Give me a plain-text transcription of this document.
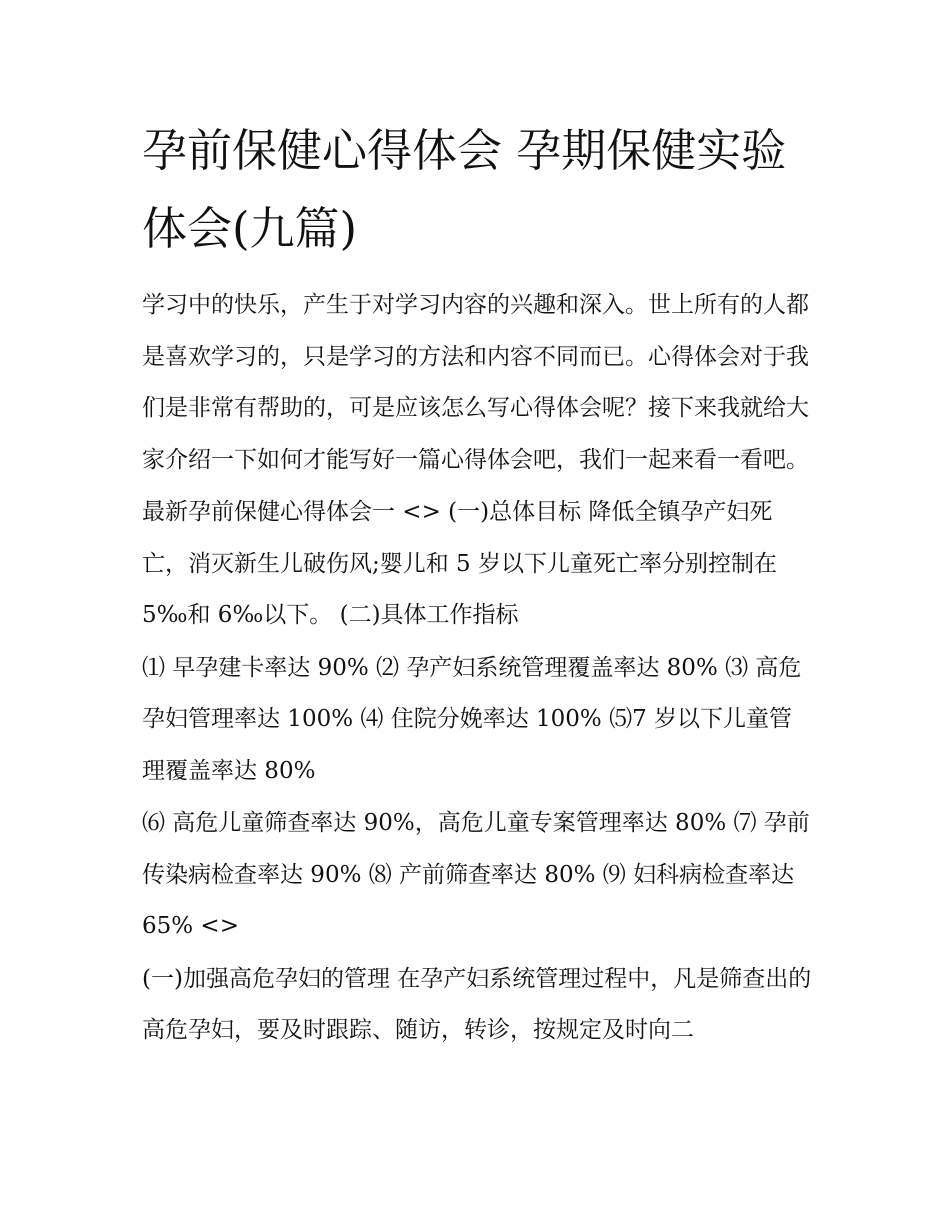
孕前保健心得体会 孕期保健实验体会(九篇)

学习中的快乐，产生于对学习内容的兴趣和深入。世上所有的人都是喜欢学习的，只是学习的方法和内容不同而已。心得体会对于我们是非常有帮助的，可是应该怎么写心得体会呢？接下来我就给大家介绍一下如何才能写好一篇心得体会吧，我们一起来看一看吧。

最新孕前保健心得体会一 <> (一)总体目标 降低全镇孕产妇死亡，消灭新生儿破伤风;婴儿和 5 岁以下儿童死亡率分别控制在 5‰和 6‰以下。 (二)具体工作指标

⑴ 早孕建卡率达 90% ⑵ 孕产妇系统管理覆盖率达 80% ⑶ 高危孕妇管理率达 100% ⑷ 住院分娩率达 100% ⑸7 岁以下儿童管理覆盖率达 80%

⑹ 高危儿童筛查率达 90%，高危儿童专案管理率达 80% ⑺ 孕前传染病检查率达 90% ⑻ 产前筛查率达 80% ⑼ 妇科病检查率达 65% <>

(一)加强高危孕妇的管理 在孕产妇系统管理过程中，凡是筛查出的高危孕妇，要及时跟踪、随访，转诊，按规定及时向二
